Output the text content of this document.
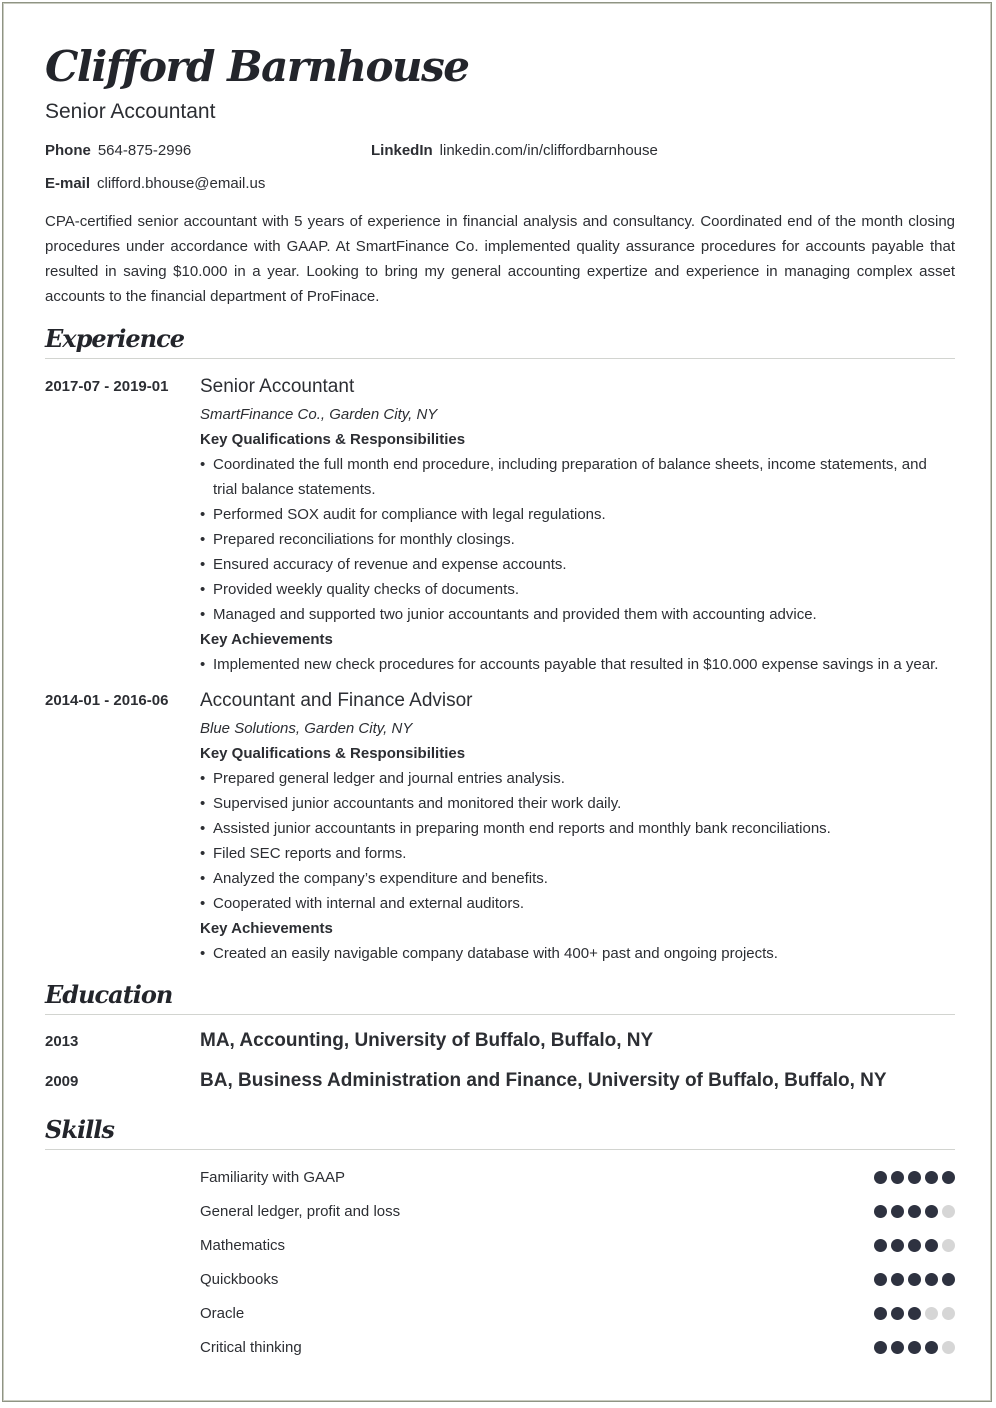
Clifford Barnhouse
Senior Accountant
Phone 564-875-2996	LinkedIn linkedin.com/in/cliffordbarnhouse
E-mail clifford.bhouse@email.us

CPA-certified senior accountant with 5 years of experience in financial analysis and consultancy. Coordinated end of the month closing procedures under accordance with GAAP. At SmartFinance Co. implemented quality assurance procedures for accounts payable that resulted in saving $10.000 in a year. Looking to bring my general accounting expertize and experience in managing complex asset accounts to the financial department of ProFinace.

Experience
2017-07 - 2019-01	Senior Accountant
SmartFinance Co., Garden City, NY
Key Qualifications & Responsibilities
• Coordinated the full month end procedure, including preparation of balance sheets, income statements, and trial balance statements.
• Performed SOX audit for compliance with legal regulations.
• Prepared reconciliations for monthly closings.
• Ensured accuracy of revenue and expense accounts.
• Provided weekly quality checks of documents.
• Managed and supported two junior accountants and provided them with accounting advice.
Key Achievements
• Implemented new check procedures for accounts payable that resulted in $10.000 expense savings in a year.
2014-01 - 2016-06	Accountant and Finance Advisor
Blue Solutions, Garden City, NY
Key Qualifications & Responsibilities
• Prepared general ledger and journal entries analysis.
• Supervised junior accountants and monitored their work daily.
• Assisted junior accountants in preparing month end reports and monthly bank reconciliations.
• Filed SEC reports and forms.
• Analyzed the company’s expenditure and benefits.
• Cooperated with internal and external auditors.
Key Achievements
• Created an easily navigable company database with 400+ past and ongoing projects.
Education
2013	MA, Accounting, University of Buffalo, Buffalo, NY
2009	BA, Business Administration and Finance, University of Buffalo, Buffalo, NY
Skills
Familiarity with GAAP
General ledger, profit and loss
Mathematics
Quickbooks
Oracle
Critical thinking
